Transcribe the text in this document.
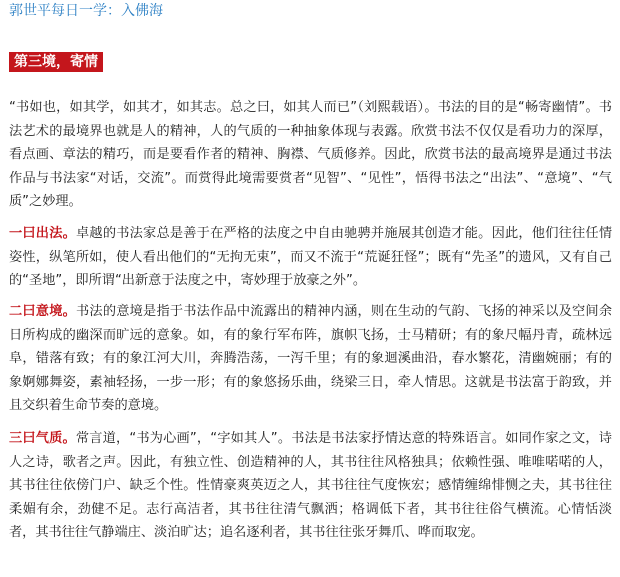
郭世平每日一学：入佛海
第三境，寄情

“书如也，如其学，如其才，如其志。总之曰，如其人而已”（刘熙载语）。书法的目的是“畅寄幽情”。书法艺术的最境界也就是人的精神，人的气质的一种抽象体现与表露。欣赏书法不仅仅是看功力的深厚，看点画、章法的精巧，而是要看作者的精神、胸襟、气质修养。因此，欣赏书法的最高境界是通过书法作品与书法家“对话，交流”。而赏得此境需要赏者“见智”、“见性”，悟得书法之“出法”、“意境”、“气质”之妙理。

一曰出法。卓越的书法家总是善于在严格的法度之中自由驰骋并施展其创造才能。因此，他们往往任情姿性，纵笔所如，使人看出他们的“无拘无束”，而又不流于“荒诞狂怪”；既有“先圣”的遗风，又有自己的“圣地”，即所谓“出新意于法度之中，寄妙理于放豪之外”。

二曰意境。书法的意境是指于书法作品中流露出的精神内涵，则在生动的气韵、飞扬的神采以及空间余日所构成的幽深而旷远的意象。如，有的象行军布阵，旗帜飞扬，士马精研；有的象尺幅丹青，疏林远阜，错落有致；有的象江河大川，奔腾浩荡，一泻千里；有的象迴溪曲沿，春水繁花，清幽婉丽；有的象婀娜舞姿，素袖轻扬，一步一形；有的象悠扬乐曲，绕梁三日，牵人情思。这就是书法富于韵致，并且交织着生命节奏的意境。

三曰气质。常言道，“书为心画”，“字如其人”。书法是书法家抒情达意的特殊语言。如同作家之文，诗人之诗，歌者之声。因此，有独立性、创造精神的人，其书往往风格独具；依赖性强、唯唯喏喏的人，其书往往依傍门户、缺乏个性。性情豪爽英迈之人，其书往往气度恢宏；感情缠绵悱恻之夫，其书往往柔媚有余，劲健不足。志行高洁者，其书往往清气飘洒；格调低下者，其书往往俗气横流。心情恬淡者，其书往往气静端庄、淡泊旷达；追名逐利者，其书往往张牙舞爪、哗而取宠。
